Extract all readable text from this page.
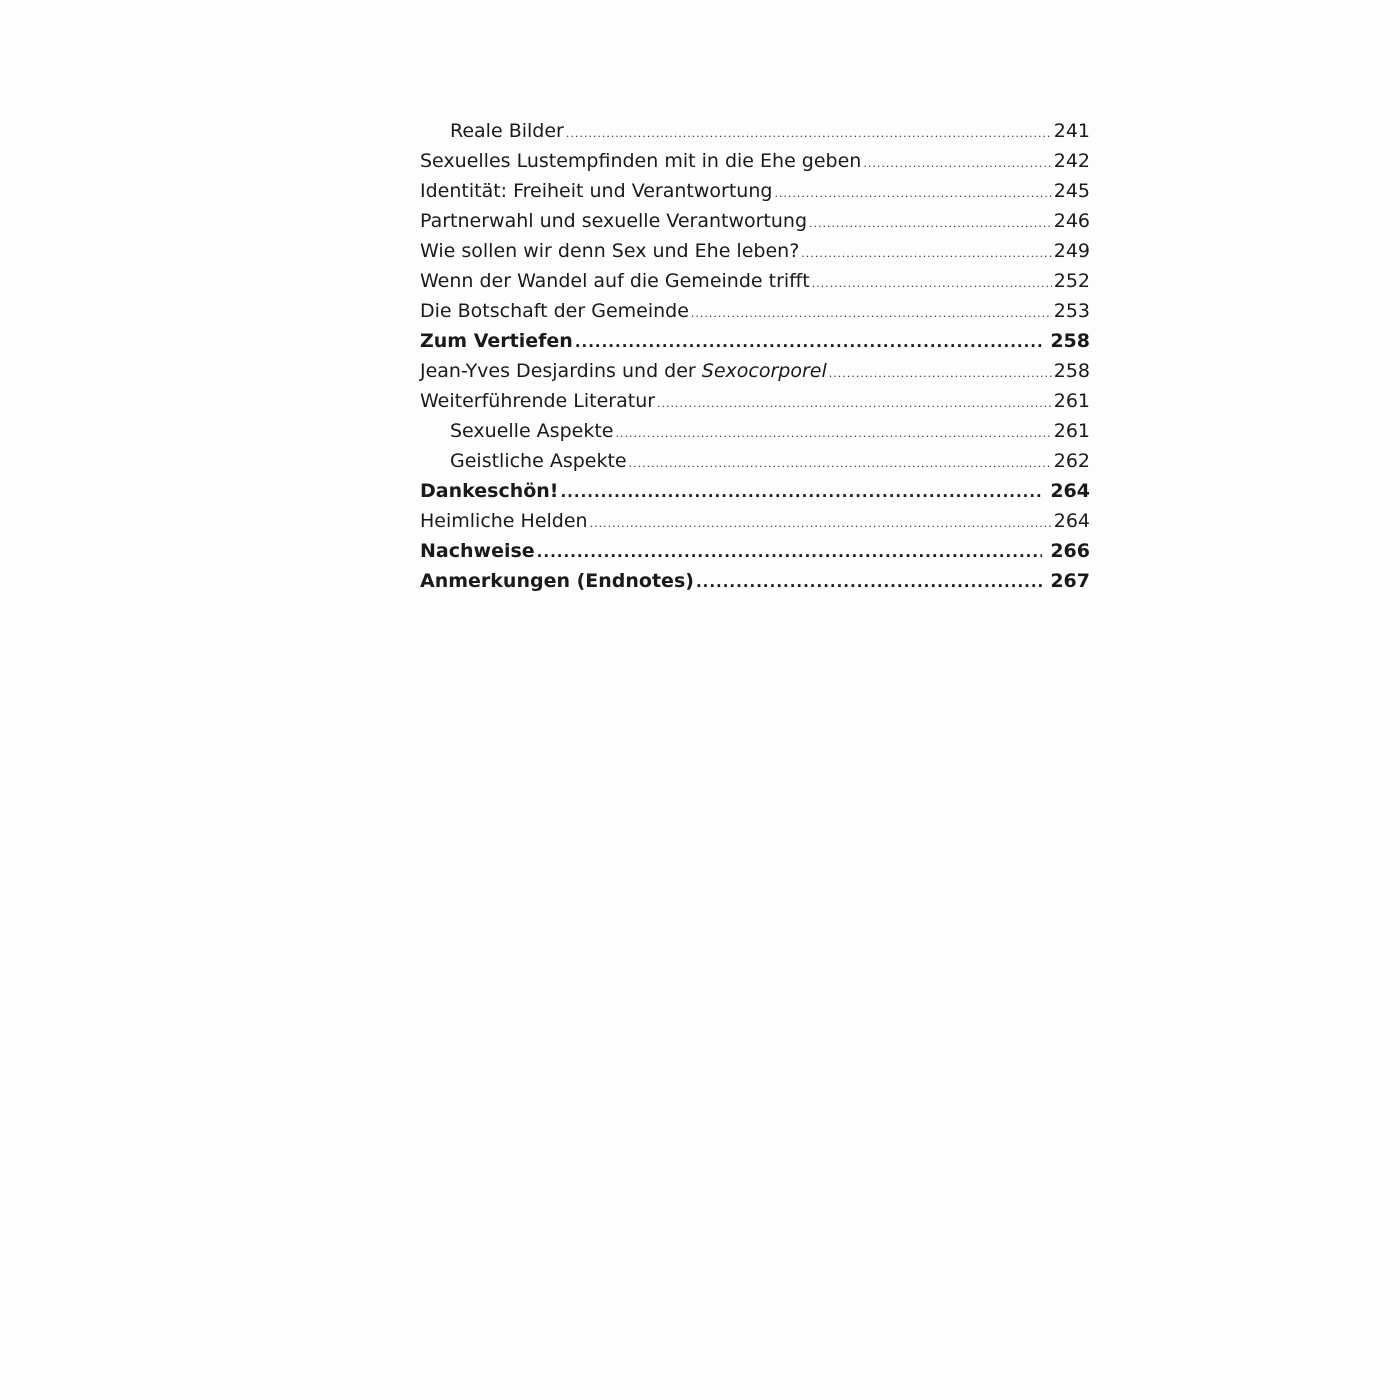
Reale Bilder .....	241
Sexuelles Lustempfinden mit in die Ehe geben .....	242
Identität: Freiheit und Verantwortung .....	245
Partnerwahl und sexuelle Verantwortung .....	246
Wie sollen wir denn Sex und Ehe leben? .....	249
Wenn der Wandel auf die Gemeinde trifft .....	252
Die Botschaft der Gemeinde .....	253
Zum Vertiefen .....	258
Jean-Yves Desjardins und der Sexocorporel .....	258
Weiterführende Literatur .....	261
Sexuelle Aspekte .....	261
Geistliche Aspekte .....	262
Dankeschön! .....	264
Heimliche Helden .....	264
Nachweise .....	266
Anmerkungen (Endnotes) .....	267
